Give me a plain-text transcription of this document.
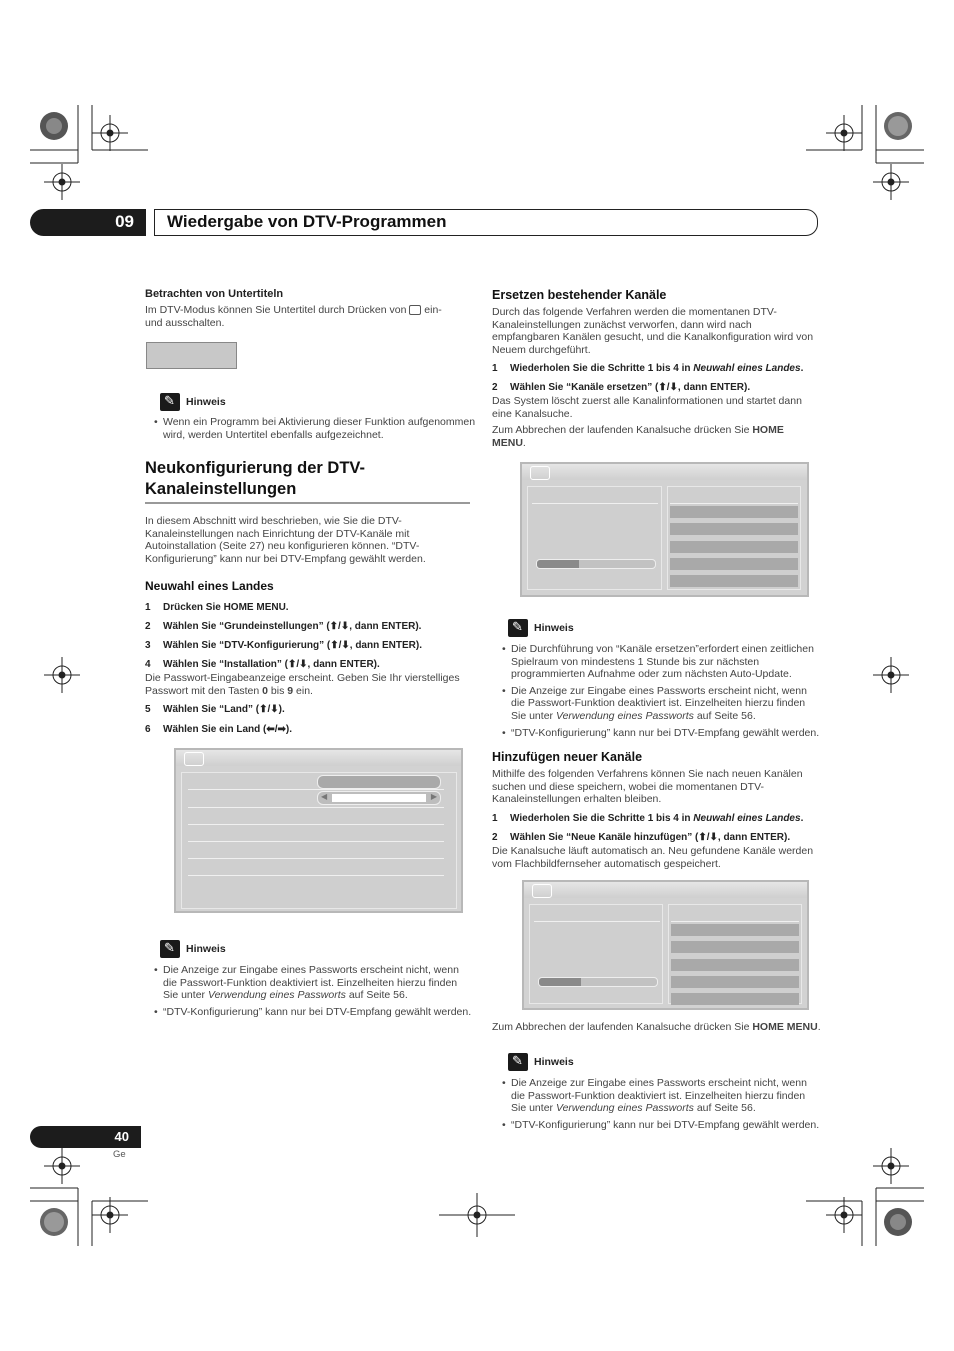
09 Wiedergabe von DTV-Programmen
Betrachten von Untertiteln
Im DTV-Modus können Sie Untertitel durch Drücken von ein-
und ausschalten.
✎Hinweis
• Wenn ein Programm bei Aktivierung dieser Funktion aufgenommen wird, werden Untertitel ebenfalls aufgezeichnet.
Neukonfigurierung der DTV-
Kanaleinstellungen
In diesem Abschnitt wird beschrieben, wie Sie die DTV-Kanaleinstellungen nach Einrichtung der DTV-Kanäle mit Autoinstallation (Seite 27) neu konfigurieren können. “DTV-Konfigurierung” kann nur bei DTV-Empfang gewählt werden.
Neuwahl eines Landes
1 Drücken Sie HOME MENU.
2 Wählen Sie “Grundeinstellungen” (⬆/⬇, dann ENTER).
3 Wählen Sie “DTV-Konfigurierung” (⬆/⬇, dann ENTER).
4 Wählen Sie “Installation” (⬆/⬇, dann ENTER).
Die Passwort-Eingabeanzeige erscheint. Geben Sie Ihr vierstelliges Passwort mit den Tasten 0 bis 9 ein.
5 Wählen Sie “Land” (⬆/⬇).
6 Wählen Sie ein Land (⬅/➡).
◀	▶
✎Hinweis
• Die Anzeige zur Eingabe eines Passworts erscheint nicht, wenn die Passwort-Funktion deaktiviert ist. Einzelheiten hierzu finden Sie unter Verwendung eines Passworts auf Seite 56.
• “DTV-Konfigurierung” kann nur bei DTV-Empfang gewählt werden.
Ersetzen bestehender Kanäle
Durch das folgende Verfahren werden die momentanen DTV-Kanaleinstellungen zunächst verworfen, dann wird nach empfangbaren Kanälen gesucht, und die Kanalkonfiguration wird von Neuem durchgeführt.
1 Wiederholen Sie die Schritte 1 bis 4 in Neuwahl eines Landes.
2 Wählen Sie “Kanäle ersetzen” (⬆/⬇, dann ENTER).
Das System löscht zuerst alle Kanalinformationen und startet dann eine Kanalsuche.
Zum Abbrechen der laufenden Kanalsuche drücken Sie HOME
MENU.
✎Hinweis
• Die Durchführung von “Kanäle ersetzen”erfordert einen zeitlichen Spielraum von mindestens 1 Stunde bis zur nächsten programmierten Aufnahme oder zum nächsten Auto-Update.
• Die Anzeige zur Eingabe eines Passworts erscheint nicht, wenn die Passwort-Funktion deaktiviert ist. Einzelheiten hierzu finden Sie unter Verwendung eines Passworts auf Seite 56.
• “DTV-Konfigurierung” kann nur bei DTV-Empfang gewählt werden.
Hinzufügen neuer Kanäle
Mithilfe des folgenden Verfahrens können Sie nach neuen Kanälen suchen und diese speichern, wobei die momentanen DTV-Kanaleinstellungen erhalten bleiben.
1 Wiederholen Sie die Schritte 1 bis 4 in Neuwahl eines Landes.
2 Wählen Sie “Neue Kanäle hinzufügen” (⬆/⬇, dann ENTER).
Die Kanalsuche läuft automatisch an. Neu gefundene Kanäle werden vom Flachbildfernseher automatisch gespeichert.
Zum Abbrechen der laufenden Kanalsuche drücken Sie HOME MENU.
✎Hinweis
• Die Anzeige zur Eingabe eines Passworts erscheint nicht, wenn die Passwort-Funktion deaktiviert ist. Einzelheiten hierzu finden Sie unter Verwendung eines Passworts auf Seite 56.
• “DTV-Konfigurierung” kann nur bei DTV-Empfang gewählt werden.
40
Ge
